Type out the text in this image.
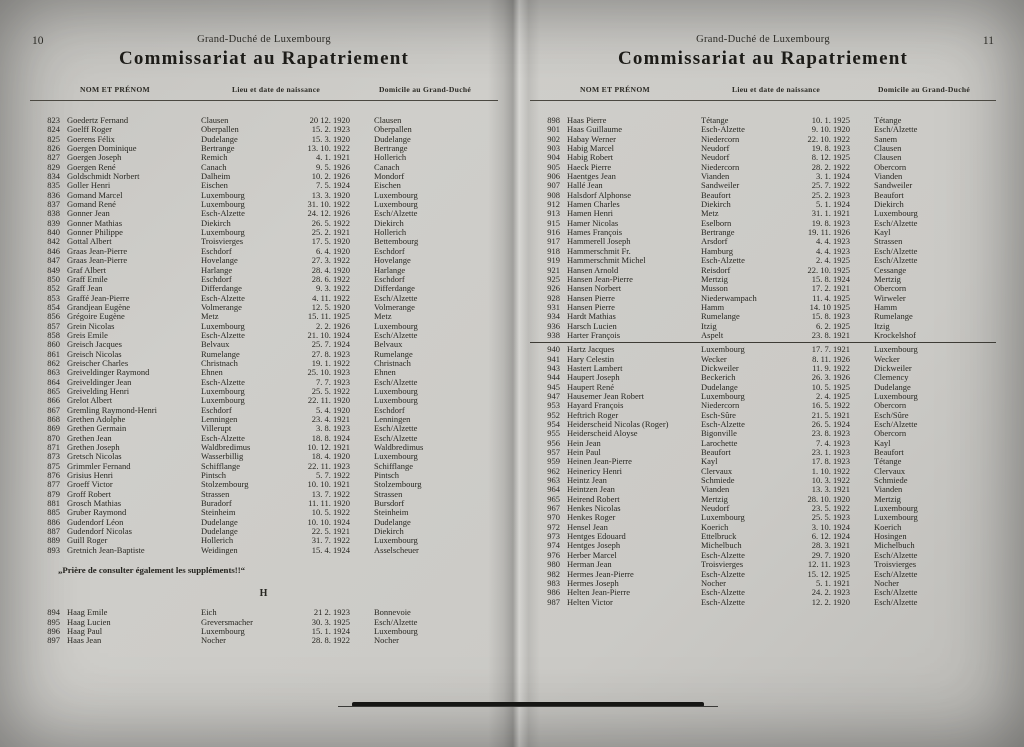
10	Grand-Duché de Luxembourg
Commissariat au Rapatriement
NOM ET PRÉNOM	Lieu et date de naissance	Domicile au Grand-Duché
823 Goedertz Fernand	Clausen	20 12. 1920	Clausen
824 Goelff Roger	Oberpallen	15. 2. 1923	Oberpallen
825 Goerens Félix	Dudelange	15. 3. 1920	Dudelange
826 Goergen Dominique	Bertrange	13. 10. 1922	Bertrange
827 Goergen Joseph	Remich	4. 1. 1921	Hollerich
829 Goergen René	Canach	9. 5. 1926	Canach
834 Goldschmidt Norbert	Dalheim	10. 2. 1926	Mondorf
835 Goller Henri	Eischen	7. 5. 1924	Eischen
836 Gomand Marcel	Luxembourg	13. 3. 1920	Luxembourg
837 Gomand René	Luxembourg	31. 10. 1922	Luxembourg
838 Gonner Jean	Esch-Alzette	24. 12. 1926	Esch/Alzette
839 Gonner Mathias	Diekirch	26. 5. 1922	Diekirch
840 Gonner Philippe	Luxembourg	25. 2. 1921	Hollerich
842 Gottal Albert	Troisvierges	17. 5. 1920	Bettembourg
846 Graas Jean-Pierre	Eschdorf	6. 4. 1920	Eschdorf
847 Graas Jean-Pierre	Hovelange	27. 3. 1922	Hovelange
849 Graf Albert	Harlange	28. 4. 1920	Harlange
850 Graff Emile	Eschdorf	28. 6. 1922	Eschdorf
852 Graff Jean	Differdange	9. 3. 1922	Differdange
853 Graffé Jean-Pierre	Esch-Alzette	4. 11. 1922	Esch/Alzette
854 Grandjean Eugène	Volmerange	12. 5. 1920	Volmerange
856 Grégoire Eugène	Metz	15. 11. 1925	Metz
857 Grein Nicolas	Luxembourg	2. 2. 1926	Luxembourg
858 Greis Emile	Esch-Alzette	21. 10. 1924	Esch/Alzette
860 Greisch Jacques	Belvaux	25. 7. 1924	Belvaux
861 Greisch Nicolas	Rumelange	27. 8. 1923	Rumelange
862 Greischer Charles	Christnach	19. 1. 1922	Christnach
863 Greiveldinger Raymond	Ehnen	25. 10. 1923	Ehnen
864 Greiveldinger Jean	Esch-Alzette	7. 7. 1923	Esch/Alzette
865 Greivelding Henri	Luxembourg	25. 5. 1922	Luxembourg
866 Grelot Albert	Luxembourg	22. 11. 1920	Luxembourg
867 Gremling Raymond-Henri	Eschdorf	5. 4. 1920	Eschdorf
868 Grethen Adolphe	Lenningen	23. 4. 1921	Lenningen
869 Grethen Germain	Villerupt	3. 8. 1923	Esch/Alzette
870 Grethen Jean	Esch-Alzette	18. 8. 1924	Esch/Alzette
871 Grethen Joseph	Waldbredimus	10. 12. 1921	Waldbredimus
873 Gretsch Nicolas	Wasserbillig	18. 4. 1920	Luxembourg
875 Grimmler Fernand	Schifflange	22. 11. 1923	Schifflange
876 Grisius Henri	Pintsch	5. 7. 1922	Pintsch
877 Groeff Victor	Stolzembourg	10. 10. 1921	Stolzembourg
879 Groff Robert	Strassen	13. 7. 1922	Strassen
881 Grosch Mathias	Buradorf	11. 11. 1920	Bursdorf
885 Gruber Raymond	Steinheim	10. 5. 1922	Steinheim
886 Gudendorf Léon	Dudelange	10. 10. 1924	Dudelange
887 Gudendorf Nicolas	Dudelange	22. 5. 1921	Diekirch
889 Guill Roger	Hollerich	31. 7. 1922	Luxembourg
893 Gretnich Jean-Baptiste	Weidingen	15. 4. 1924	Asselscheuer
„Prière de consulter également les suppléments!!“
H
894 Haag Emile	Eich	21 2. 1923	Bonnevoie
895 Haag Lucien	Greversmacher	30. 3. 1925	Esch/Alzette
896 Haag Paul	Luxembourg	15. 1. 1924	Luxembourg
897 Haas Jean	Nocher	28. 8. 1922	Nocher
11
Grand-Duché de Luxembourg
Commissariat au Rapatriement
NOM ET PRÉNOM	Lieu et date de naissance	Domicile au Grand-Duché
898 Haas Pierre	Tétange	10. 1. 1925	Tétange
901 Haas Guillaume	Esch-Alzette	9. 10. 1920	Esch/Alzette
902 Habay Werner	Niedercorn	22. 10. 1922	Sanem
903 Habig Marcel	Neudorf	19. 8. 1923	Clausen
904 Habig Robert	Neudorf	8. 12. 1925	Clausen
905 Haeck Pierre	Niedercorn	28. 2. 1922	Obercorn
906 Haentges Jean	Vianden	3. 1. 1924	Vianden
907 Hallé Jean	Sandweiler	25. 7. 1922	Sandweiler
908 Halsdorf Alphonse	Beaufort	25. 2. 1923	Beaufort
912 Hamen Charles	Diekirch	5. 1. 1924	Diekirch
913 Hamen Henri	Metz	31. 1. 1921	Luxembourg
915 Hamer Nicolas	Eselborn	19. 8. 1923	Esch/Alzette
916 Hames François	Bertrange	19. 11. 1926	Kayl
917 Hammerell Joseph	Arsdorf	4. 4. 1923	Strassen
918 Hammerschmit Fr.	Hamburg	4. 4. 1923	Esch/Alzette
919 Hammerschmit Michel	Esch-Alzette	2. 4. 1925	Esch/Alzette
921 Hansen Arnold	Reisdorf	22. 10. 1925	Cessange
925 Hansen Jean-Pierre	Mertzig	15. 8. 1924	Mertzig
926 Hansen Norbert	Musson	17. 2. 1921	Obercorn
928 Hansen Pierre	Niederwampach	11. 4. 1925	Wirweler
931 Hansen Pierre	Hamm	14. 10 1925	Hamm
934 Hardt Mathias	Rumelange	15. 8. 1923	Rumelange
936 Harsch Lucien	Itzig	6. 2. 1925	Itzig
938 Harter François	Aspelt	23. 8. 1921	Krockelshof
940 Hartz Jacques	Luxembourg	17. 7. 1921	Luxembourg
941 Hary Celestin	Wecker	8. 11. 1926	Wecker
943 Hastert Lambert	Dickweiler	11. 9. 1922	Dickweiler
944 Haupert Joseph	Beckerich	26. 3. 1926	Clemency
945 Haupert René	Dudelange	10. 5. 1925	Dudelange
947 Hausemer Jean Robert	Luxembourg	2. 4. 1925	Luxembourg
953 Hayard François	Niedercorn	16. 5. 1922	Obercorn
952 Heftrich Roger	Esch-Sûre	21. 5. 1921	Esch/Sûre
954 Heiderscheid Nicolas (Roger)	Esch-Alzette	26. 5. 1924	Esch/Alzette
955 Heiderscheid Aloyse	Bigonville	23. 8. 1923	Obercorn
956 Hein Jean	Larochette	7. 4. 1923	Kayl
957 Hein Paul	Beaufort	23. 1. 1923	Beaufort
959 Heinen Jean-Pierre	Kayl	17. 8. 1923	Tétange
962 Heinericy Henri	Clervaux	1. 10. 1922	Clervaux
963 Heintz Jean	Schmiede	10. 3. 1922	Schmiede
964 Heintzen Jean	Vianden	13. 3. 1921	Vianden
965 Heirend Robert	Mertzig	28. 10. 1920	Mertzig
967 Henkes Nicolas	Neudorf	23. 5. 1922	Luxembourg
970 Henkes Roger	Luxembourg	25. 5. 1923	Luxembourg
972 Hensel Jean	Koerich	3. 10. 1924	Koerich
973 Hentges Edouard	Ettelbruck	6. 12. 1924	Hosingen
974 Hentges Joseph	Michelbuch	28. 3. 1921	Michelbuch
976 Herber Marcel	Esch-Alzette	29. 7. 1920	Esch/Alzette
980 Herman Jean	Troisvierges	12. 11. 1923	Troisvierges
982 Hermes Jean-Pierre	Esch-Alzette	15. 12. 1925	Esch/Alzette
983 Hermes Joseph	Nocher	5. 1. 1921	Nocher
986 Helten Jean-Pierre	Esch-Alzette	24. 2. 1923	Esch/Alzette
987 Helten Victor	Esch-Alzette	12. 2. 1920	Esch/Alzette
